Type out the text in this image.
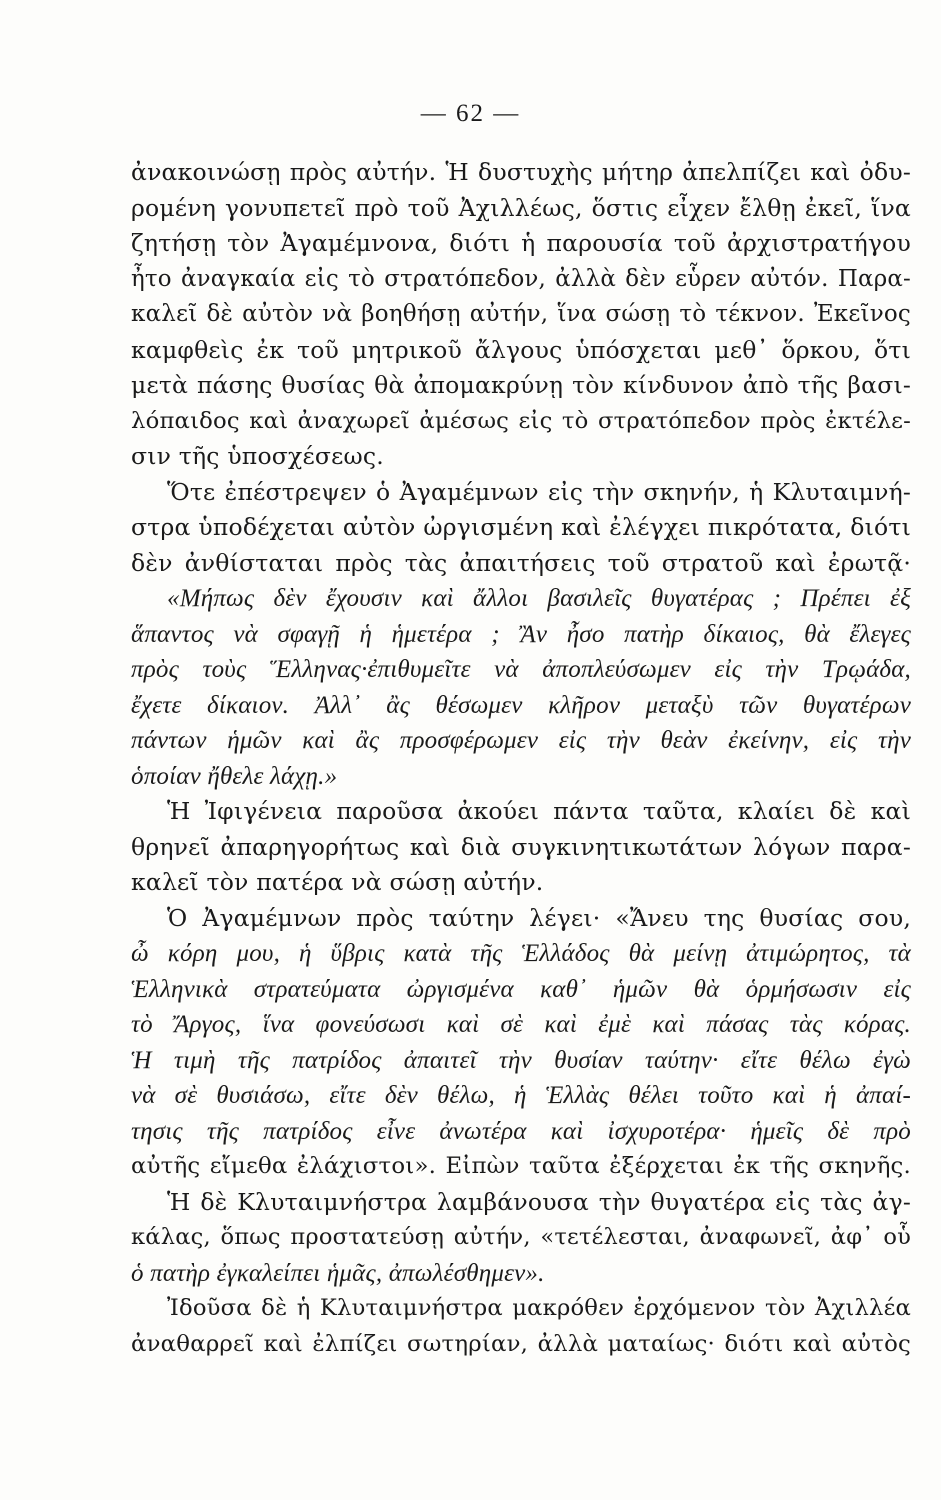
— 62 —
ἀνακοινώσῃ πρὸς αὐτήν. Ἡ δυστυχὴς μήτηρ ἀπελπίζει καὶ ὀδυ-
ρομένη γονυπετεῖ πρὸ τοῦ Ἀχιλλέως, ὅστις εἶχεν ἔλθῃ ἐκεῖ, ἵνα
ζητήσῃ τὸν Ἀγαμέμνονα, διότι ἡ παρουσία τοῦ ἀρχιστρατήγου
ἦτο ἀναγκαία εἰς τὸ στρατόπεδον, ἀλλὰ δὲν εὗρεν αὐτόν. Παρα-
καλεῖ δὲ αὐτὸν νὰ βοηθήσῃ αὐτήν, ἵνα σώσῃ τὸ τέκνον. Ἐκεῖνος
καμφθεὶς ἐκ τοῦ μητρικοῦ ἄλγους ὑπόσχεται μεθ᾿ ὅρκου, ὅτι
μετὰ πάσης θυσίας θὰ ἀπομακρύνῃ τὸν κίνδυνον ἀπὸ τῆς βασι-
λόπαιδος καὶ ἀναχωρεῖ ἀμέσως εἰς τὸ στρατόπεδον πρὸς ἐκτέλε-
σιν τῆς ὑποσχέσεως.
Ὅτε ἐπέστρεψεν ὁ Ἀγαμέμνων εἰς τὴν σκηνήν, ἡ Κλυταιμνή-
στρα ὑποδέχεται αὐτὸν ὠργισμένη καὶ ἐλέγχει πικρότατα, διότι
δὲν ἀνθίσταται πρὸς τὰς ἀπαιτήσεις τοῦ στρατοῦ καὶ ἐρωτᾷ·
«Μήπως δὲν ἔχουσιν καὶ ἄλλοι βασιλεῖς θυγατέρας ; Πρέπει ἐξ
ἅπαντος νὰ σφαγῇ ἡ ἡμετέρα ; Ἂν ἦσο πατὴρ δίκαιος, θὰ ἔλεγες
πρὸς τοὺς Ἕλληνας·ἐπιθυμεῖτε νὰ ἀποπλεύσωμεν εἰς τὴν Τρῳάδα,
ἔχετε δίκαιον. Ἀλλ᾿ ἂς θέσωμεν κλῆρον μεταξὺ τῶν θυγατέρων
πάντων ἡμῶν καὶ ἂς προσφέρωμεν εἰς τὴν θεὰν ἐκείνην, εἰς τὴν
ὁποίαν ἤθελε λάχῃ.»
Ἡ Ἰφιγένεια παροῦσα ἀκούει πάντα ταῦτα, κλαίει δὲ καὶ
θρηνεῖ ἀπαρηγορήτως καὶ διὰ συγκινητικωτάτων λόγων παρα-
καλεῖ τὸν πατέρα νὰ σώσῃ αὐτήν.
Ὁ Ἀγαμέμνων πρὸς ταύτην λέγει· «Ἄνευ της θυσίας σου,
ὦ κόρη μου, ἡ ὕβρις κατὰ τῆς Ἑλλάδος θὰ μείνῃ ἀτιμώρητος, τὰ
Ἑλληνικὰ στρατεύματα ὠργισμένα καθ᾿ ἡμῶν θὰ ὁρμήσωσιν εἰς
τὸ Ἄργος, ἵνα φονεύσωσι καὶ σὲ καὶ ἐμὲ καὶ πάσας τὰς κόρας.
Ἡ τιμὴ τῆς πατρίδος ἀπαιτεῖ τὴν θυσίαν ταύτην· εἴτε θέλω ἐγὼ
νὰ σὲ θυσιάσω, εἴτε δὲν θέλω, ἡ Ἑλλὰς θέλει τοῦτο καὶ ἡ ἀπαί-
τησις τῆς πατρίδος εἶνε ἀνωτέρα καὶ ἰσχυροτέρα· ἡμεῖς δὲ πρὸ
αὐτῆς εἴμεθα ἐλάχιστοι». Εἰπὼν ταῦτα ἐξέρχεται ἐκ τῆς σκηνῆς.
Ἡ δὲ Κλυταιμνήστρα λαμβάνουσα τὴν θυγατέρα εἰς τὰς ἀγ-
κάλας, ὅπως προστατεύσῃ αὐτήν, «τετέλεσται, ἀναφωνεῖ, ἀφ᾿ οὗ
ὁ πατὴρ ἐγκαλείπει ἡμᾶς, ἀπωλέσθημεν».
Ἰδοῦσα δὲ ἡ Κλυταιμνήστρα μακρόθεν ἐρχόμενον τὸν Ἀχιλλέα
ἀναθαρρεῖ καὶ ἐλπίζει σωτηρίαν, ἀλλὰ ματαίως· διότι καὶ αὐτὸς
